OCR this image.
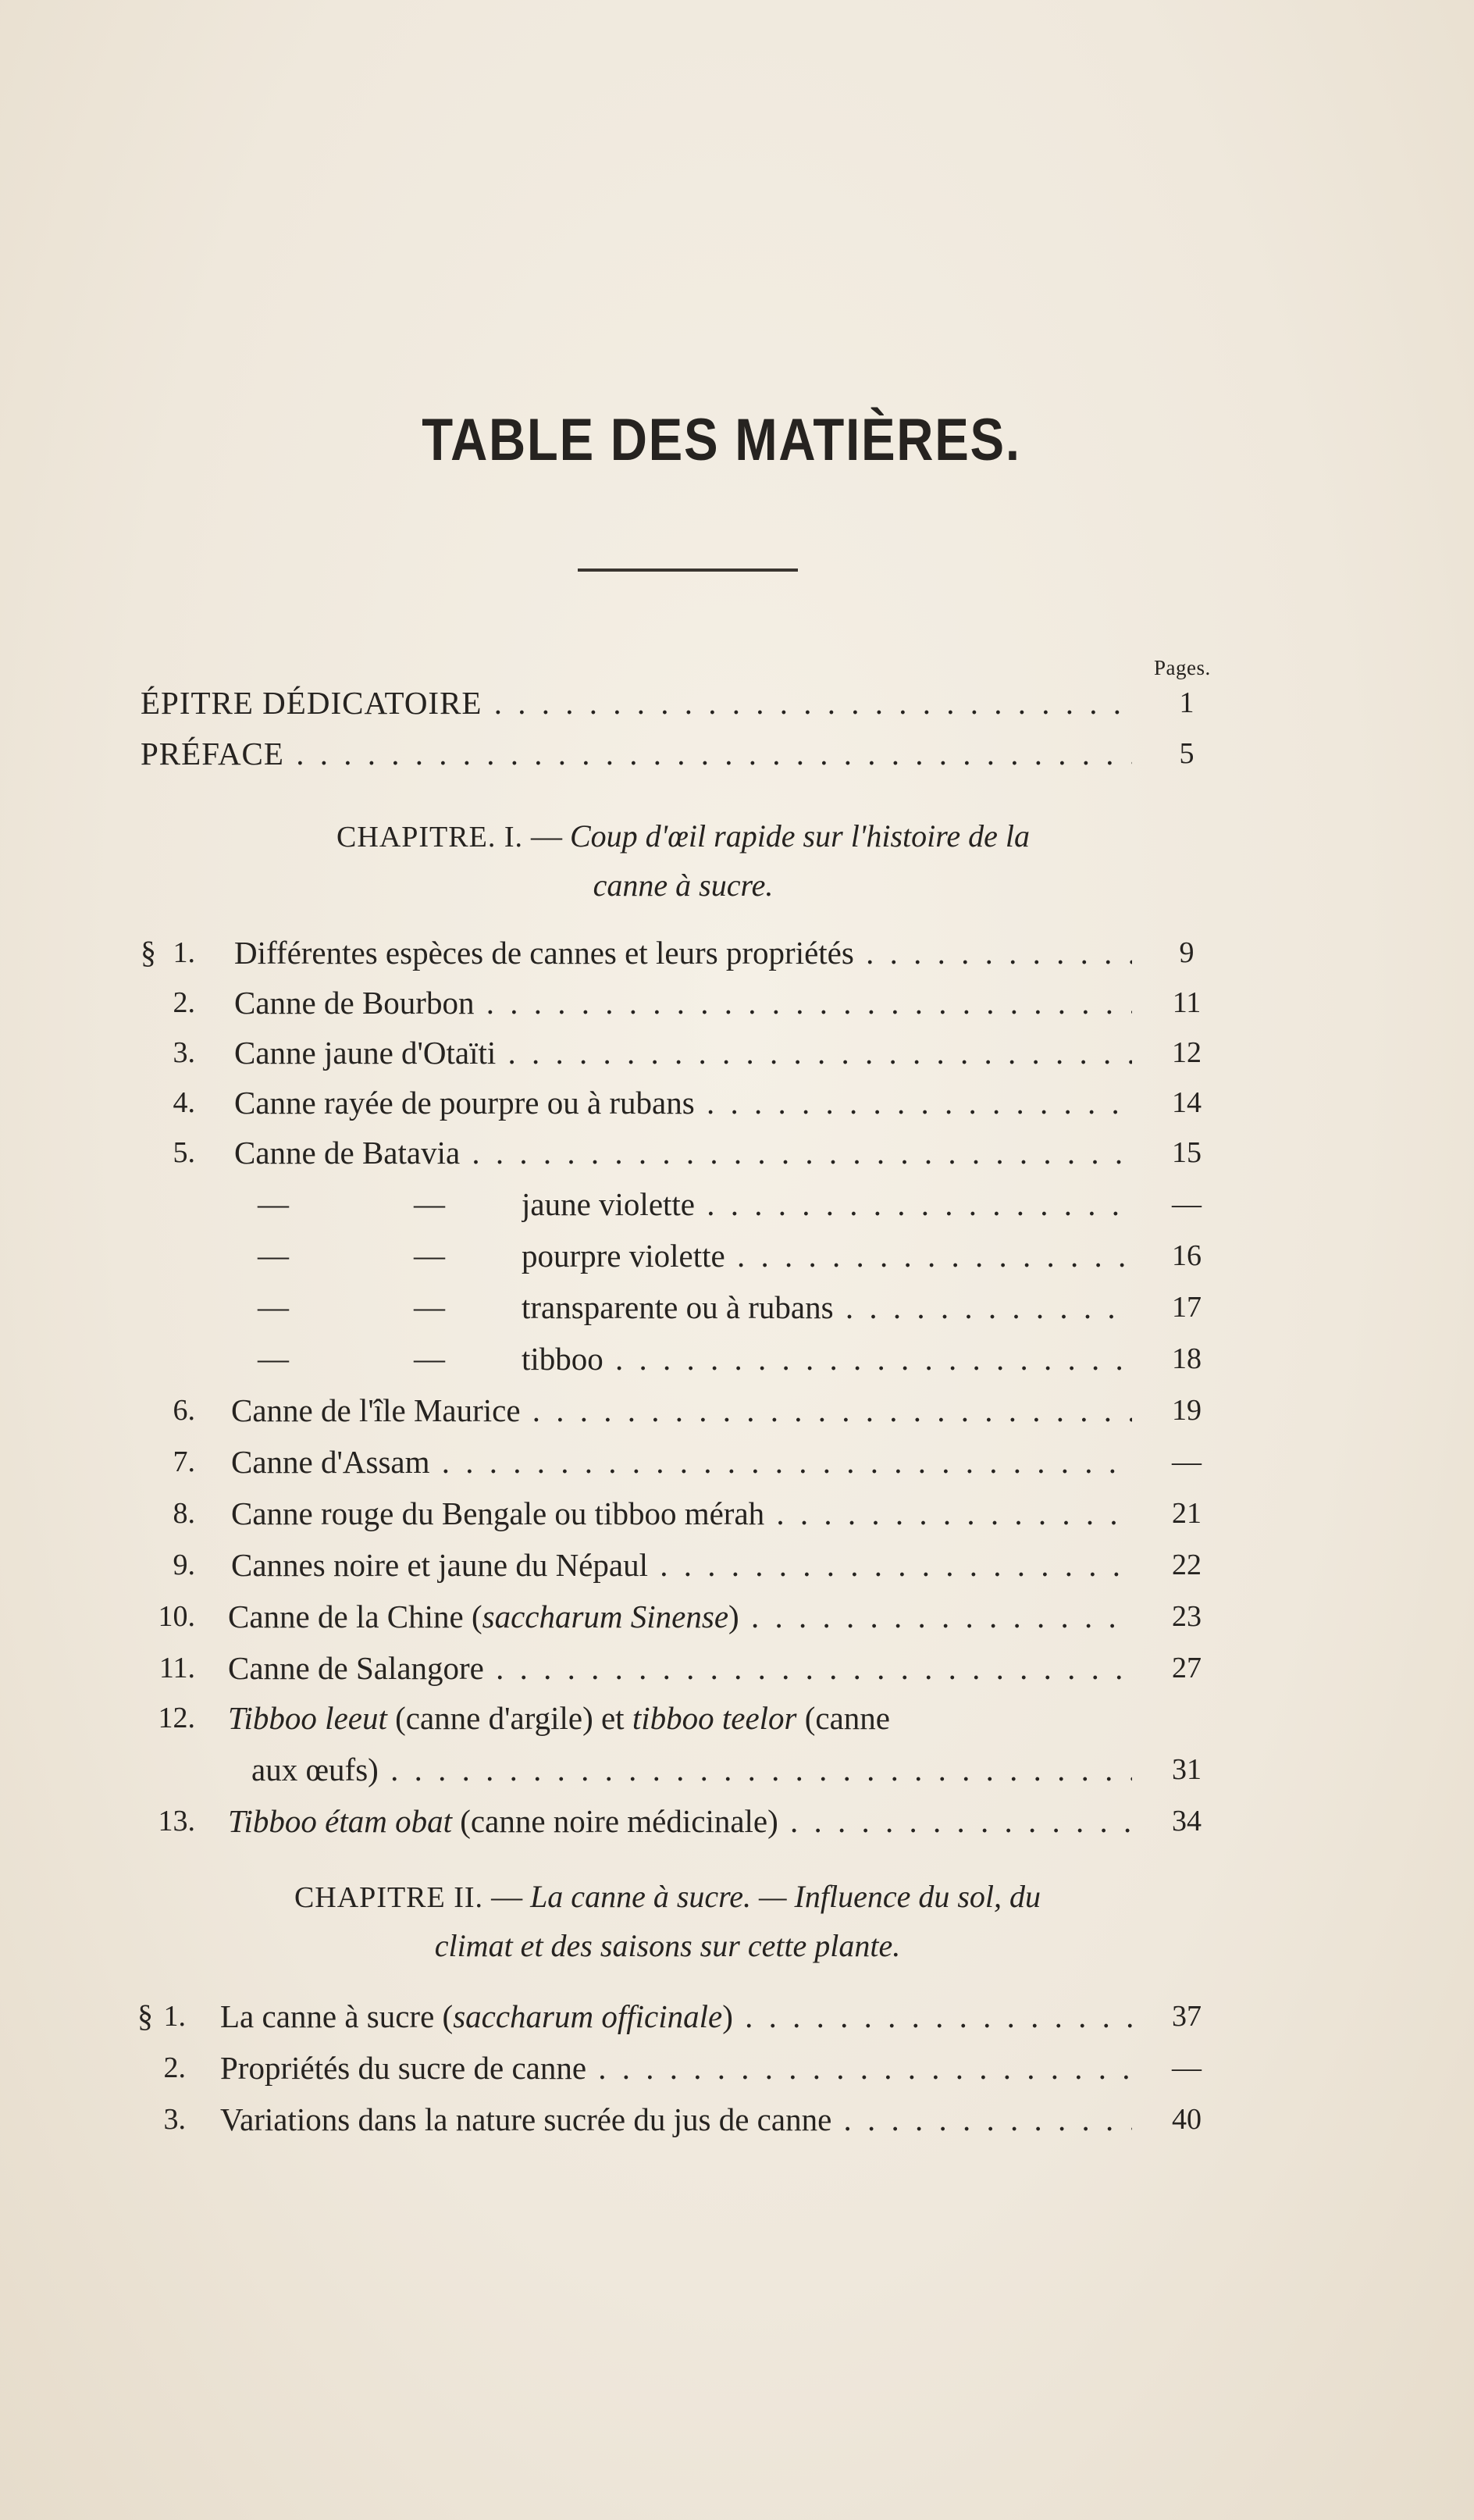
TABLE DES MATIÈRES.
Pages.
ÉPITRE DÉDICATOIRE . . .	1
PRÉFACE . . .	5
CHAPITRE. I. — Coup d'œil rapide sur l'histoire de la
canne à sucre.
§ 1. Différentes espèces de cannes et leurs propriétés . . .	9
2. Canne de Bourbon . . .	11
3. Canne jaune d'Otaïti . . .	12
4. Canne rayée de pourpre ou à rubans . . .	14
5. Canne de Batavia . . .	15
—	— jaune violette . . .	—
—	— pourpre violette . . .	16
—	— transparente ou à rubans . . .	17
—	— tibboo . . .	18
6. Canne de l'île Maurice . . .	19
7. Canne d'Assam . . .	—
8. Canne rouge du Bengale ou tibboo mérah . . .	21
9. Cannes noire et jaune du Népaul . . .	22
10. Canne de la Chine (saccharum Sinense) . . .	23
11. Canne de Salangore . . .	27
12. Tibboo leeut (canne d'argile) et tibboo teelor (canne
aux œufs) . . .	31
13. Tibboo étam obat (canne noire médicinale) . . .	34
CHAPITRE II. — La canne à sucre. — Influence du sol, du
climat et des saisons sur cette plante.
§ 1. La canne à sucre (saccharum officinale) . . .	37
2. Propriétés du sucre de canne . . .	—
3. Variations dans la nature sucrée du jus de canne . . .	40
